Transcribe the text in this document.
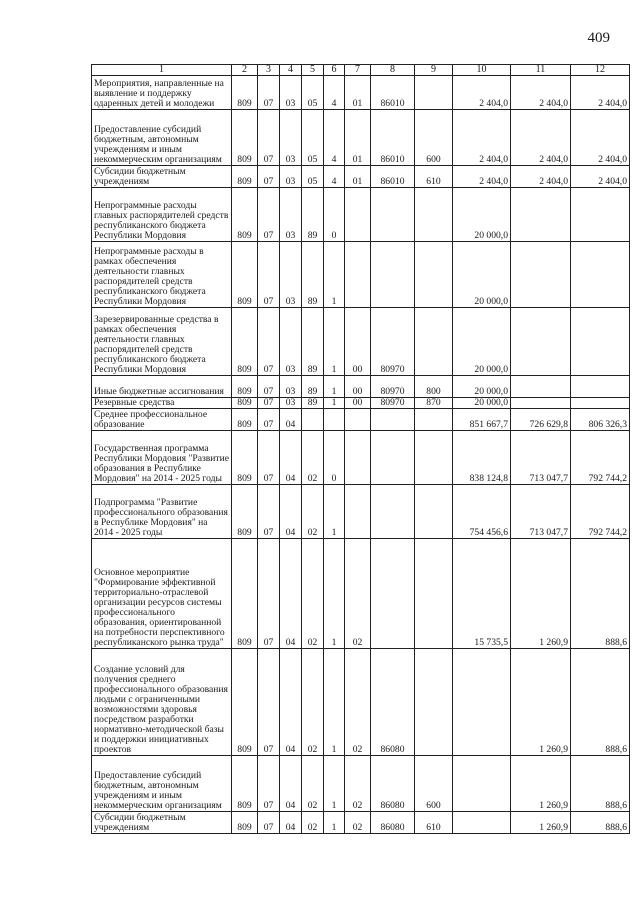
409
1	2	3	4	5	6	7	8	9	10	11	12
Мероприятия, направленные на выявление и поддержку одаренных детей и молодежи	809	07	03	05	4	01	86010		2 404,0	2 404,0	2 404,0
Предоставление субсидий бюджетным, автономным учреждениям и иным некоммерческим организациям	809	07	03	05	4	01	86010	600	2 404,0	2 404,0	2 404,0
Субсидии бюджетным учреждениям	809	07	03	05	4	01	86010	610	2 404,0	2 404,0	2 404,0
Непрограммные расходы главных распорядителей средств республиканского бюджета Республики Мордовия	809	07	03	89	0				20 000,0		
Непрограммные расходы в рамках обеспечения деятельности главных распорядителей средств республиканского бюджета Республики Мордовия	809	07	03	89	1				20 000,0		
Зарезервированные средства в рамках обеспечения деятельности главных распорядителей средств республиканского бюджета Республики Мордовия	809	07	03	89	1	00	80970		20 000,0		
Иные бюджетные ассигнования	809	07	03	89	1	00	80970	800	20 000,0		
Резервные средства	809	07	03	89	1	00	80970	870	20 000,0		
Среднее профессиональное образование	809	07	04						851 667,7	726 629,8	806 326,3
Государственная программа Республики Мордовия "Развитие образования в Республике Мордовия" на 2014 - 2025 годы	809	07	04	02	0				838 124,8	713 047,7	792 744,2
Подпрограмма "Развитие профессионального образования в Республике Мордовия" на 2014 - 2025 годы	809	07	04	02	1				754 456,6	713 047,7	792 744,2
Основное мероприятие "Формирование эффективной территориально-отраслевой организации ресурсов системы профессионального образования, ориентированной на потребности перспективного республиканского рынка труда"	809	07	04	02	1	02			15 735,5	1 260,9	888,6
Создание условий для получения среднего профессионального образования людьми с ограниченными возможностями здоровья посредством разработки нормативно-методической базы и поддержки инициативных проектов	809	07	04	02	1	02	86080			1 260,9	888,6
Предоставление субсидий бюджетным, автономным учреждениям и иным некоммерческим организациям	809	07	04	02	1	02	86080	600		1 260,9	888,6
Субсидии бюджетным учреждениям	809	07	04	02	1	02	86080	610		1 260,9	888,6
